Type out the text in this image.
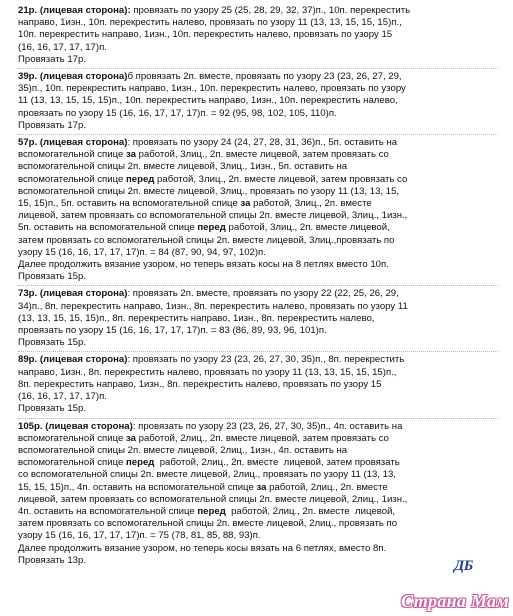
21р. (лицевая сторона): провязать по узору 25 (25, 28, 29, 32, 37)п., 10п. перекрестить
направо, 1изн., 10п. перекрестить налево, провязать по узору 11 (13, 13, 15, 15, 15)п.,
10п. перекрестить направо, 1изн., 10п. перекрестить налево, провязать по узору 15
(16, 16, 17, 17, 17)п.
Провязать 17р.
39р. (лицевая сторона)б провязать 2п. вместе, провязать по узору 23 (23, 26, 27, 29,
35)п., 10п. перекрестить направо, 1изн., 10п. перекрестить налево, провязать по узору
11 (13, 13, 15, 15, 15)п., 10п. перекрестить направо, 1изн., 10п. перекрестить налево,
провязать по узору 15 (16, 16, 17, 17, 17)п. = 92 (95, 98, 102, 105, 110)п.
Провязать 17р.
57р. (лицевая сторона): провязать по узору 24 (24, 27, 28, 31, 36)п., 5п. оставить на
вспомогательной спице за работой, 3лиц., 2п. вместе лицевой, затем провязать со
вспомогательной спицы 2п. вместе лицевой, 3лиц., 1изн., 5п. оставить на
вспомогательной спице перед работой, 3лиц., 2п. вместе лицевой, затем провязать со
вспомогательной спицы 2п. вместе лицевой, 3лиц., провязать по узору 11 (13, 13, 15,
15, 15)п., 5п. оставить на вспомогательной спице за работой, 3лиц., 2п. вместе
лицевой, затем провязать со вспомогательной спицы 2п. вместе лицевой, 3лиц., 1изн.,
5п. оставить на вспомогательной спице перед работой, 3лиц., 2п. вместе лицевой,
затем провязать со вспомогательной спицы 2п. вместе лицевой, 3лиц.,провязать по
узору 15 (16, 16, 17, 17, 17)п. = 84 (87, 90, 94, 97, 102)п.
Далее продолжить вязание узором, но теперь вязать косы на 8 петлях вместо 10п.
Провязать 15р.
73р. (лицевая сторона): провязать 2п. вместе, провязать по узору 22 (22, 25, 26, 29,
34)п., 8п. перекрестить направо, 1изн., 8п. перекрестить налево, провязать по узору 11
(13, 13, 15, 15, 15)п., 8п. перекрестить направо, 1изн., 8п. перекрестить налево,
провязать по узору 15 (16, 16, 17, 17, 17)п. = 83 (86, 89, 93, 96, 101)п.
Провязать 15р.
89р. (лицевая сторона): провязать по узору 23 (23, 26, 27, 30, 35)п., 8п. перекрестить
направо, 1изн., 8п. перекрестить налево, провязать по узору 11 (13, 13, 15, 15, 15)п.,
8п. перекрестить направо, 1изн., 8п. перекрестить налево, провязать по узору 15
(16, 16, 17, 17, 17)п.
Провязать 15р.
105р. (лицевая сторона): провязать по узору 23 (23, 26, 27, 30, 35)п., 4п. оставить на
вспомогательной спице за работой, 2лиц., 2п. вместе лицевой, затем провязать со
вспомогательной спицы 2п. вместе лицевой, 2лиц., 1изн., 4п. оставить на
вспомогательной спице перед  работой, 2лиц., 2п. вместе  лицевой, затем провязать
со вспомогательной спицы 2п. вместе лицевой, 2лиц., провязать по узору 11 (13, 13,
15, 15, 15)п., 4п. оставить на вспомогательной спице за работой, 2лиц., 2п. вместе
лицевой, затем провязать со вспомогательной спицы 2п. вместе лицевой, 2лиц., 1изн.,
4п. оставить на вспомогательной спице перед  работой, 2лиц., 2п. вместе  лицевой,
затем провязать со вспомогательной спицы 2п. вместе лицевой, 2лиц., провязать по
узору 15 (16, 16, 17, 17, 17)п. = 75 (78, 81, 85, 88, 93)п.
Далее продолжить вязание узором, но теперь косы вязать на 6 петлях, вместо 8п.
Провязать 13р.	ДБ
Страна Мам
